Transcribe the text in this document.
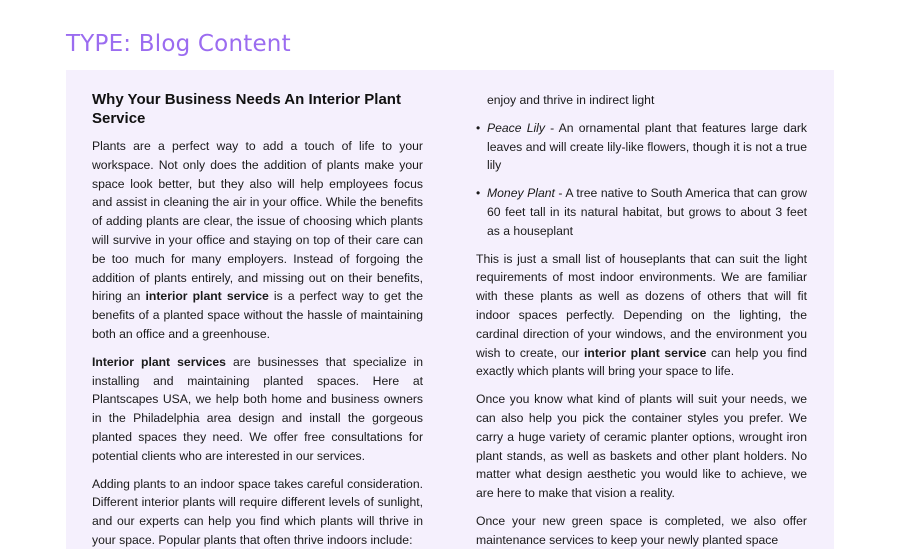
TYPE: Blog Content
Why Your Business Needs An Interior Plant Service

Plants are a perfect way to add a touch of life to your workspace. Not only does the addition of plants make your space look better, but they also will help employees focus and assist in cleaning the air in your office. While the benefits of adding plants are clear, the issue of choosing which plants will survive in your office and staying on top of their care can be too much for many employers. Instead of forgoing the addition of plants entirely, and missing out on their benefits, hiring an interior plant service is a perfect way to get the benefits of a planted space without the hassle of maintaining both an office and a greenhouse.

Interior plant services are businesses that specialize in installing and maintaining planted spaces. Here at Plantscapes USA, we help both home and business owners in the Philadelphia area design and install the gorgeous planted spaces they need. We offer free consultations for potential clients who are interested in our services.

Adding plants to an indoor space takes careful consideration. Different interior plants will require different levels of sunlight, and our experts can help you find which plants will thrive in your space. Popular plants that often thrive indoors include:

enjoy and thrive in indirect light
• Peace Lily - An ornamental plant that features large dark leaves and will create lily-like flowers, though it is not a true lily
• Money Plant - A tree native to South America that can grow 60 feet tall in its natural habitat, but grows to about 3 feet as a houseplant

This is just a small list of houseplants that can suit the light requirements of most indoor environments. We are familiar with these plants as well as dozens of others that will fit indoor spaces perfectly. Depending on the lighting, the cardinal direction of your windows, and the environment you wish to create, our interior plant service can help you find exactly which plants will bring your space to life.

Once you know what kind of plants will suit your needs, we can also help you pick the container styles you prefer. We carry a huge variety of ceramic planter options, wrought iron plant stands, as well as baskets and other plant holders. No matter what design aesthetic you would like to achieve, we are here to make that vision a reality.

Once your new green space is completed, we also offer maintenance services to keep your newly planted space
